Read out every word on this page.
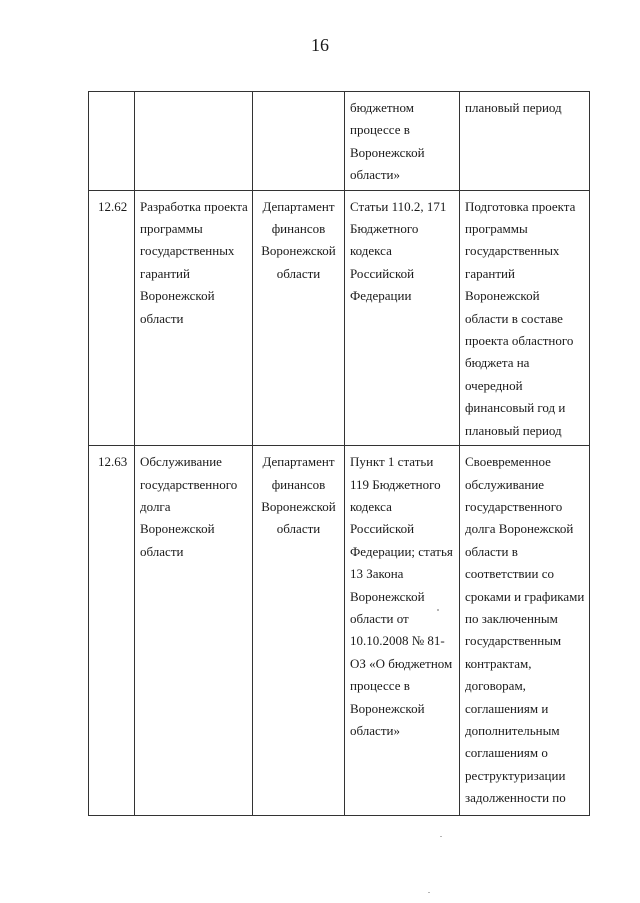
16

			бюджетном процессе в Воронежской области»	плановый период

12.62	Разработка проекта программы государственных гарантий Воронежской области	Департамент финансов Воронежской области	Статьи 110.2, 171 Бюджетного кодекса Российской Федерации	Подготовка проекта программы государственных гарантий Воронежской области в составе проекта областного бюджета на очередной финансовый год и плановый период

12.63	Обслуживание государственного долга Воронежской области	Департамент финансов Воронежской области	Пункт 1 статьи 119 Бюджетного кодекса Российской Федерации; статья 13 Закона Воронежской области от 10.10.2008 № 81-ОЗ «О бюджетном процессе в Воронежской области»	Своевременное обслуживание государственного долга Воронежской области в соответствии со сроками и графиками по заключенным государственным контрактам, договорам, соглашениям и дополнительным соглашениям о реструктуризации задолженности по
